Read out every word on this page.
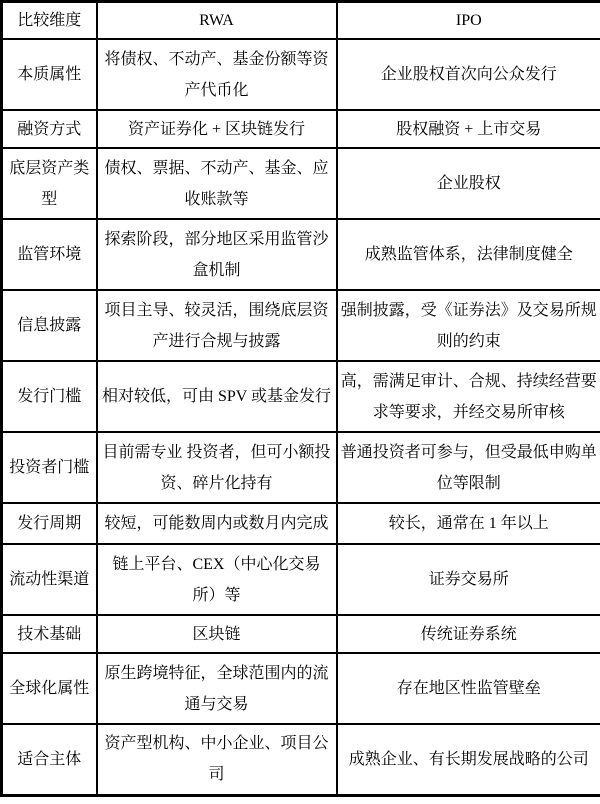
比较维度	RWA	IPO
本质属性	将债权、不动产、基金份额等资产代币化	企业股权首次向公众发行
融资方式	资产证券化 + 区块链发行	股权融资 + 上市交易
底层资产类型	债权、票据、不动产、基金、应收账款等	企业股权
监管环境	探索阶段，部分地区采用监管沙盒机制	成熟监管体系，法律制度健全
信息披露	项目主导、较灵活，围绕底层资产进行合规与披露	强制披露，受《证券法》及交易所规则的约束
发行门槛	相对较低，可由 SPV 或基金发行	高，需满足审计、合规、持续经营要求等要求，并经交易所审核
投资者门槛	目前需专业 投资者，但可小额投资、碎片化持有	普通投资者可参与，但受最低申购单位等限制
发行周期	较短，可能数周内或数月内完成	较长，通常在 1 年以上
流动性渠道	链上平台、CEX（中心化交易所）等	证券交易所
技术基础	区块链	传统证券系统
全球化属性	原生跨境特征，全球范围内的流通与交易	存在地区性监管壁垒
适合主体	资产型机构、中小企业、项目公司	成熟企业、有长期发展战略的公司
